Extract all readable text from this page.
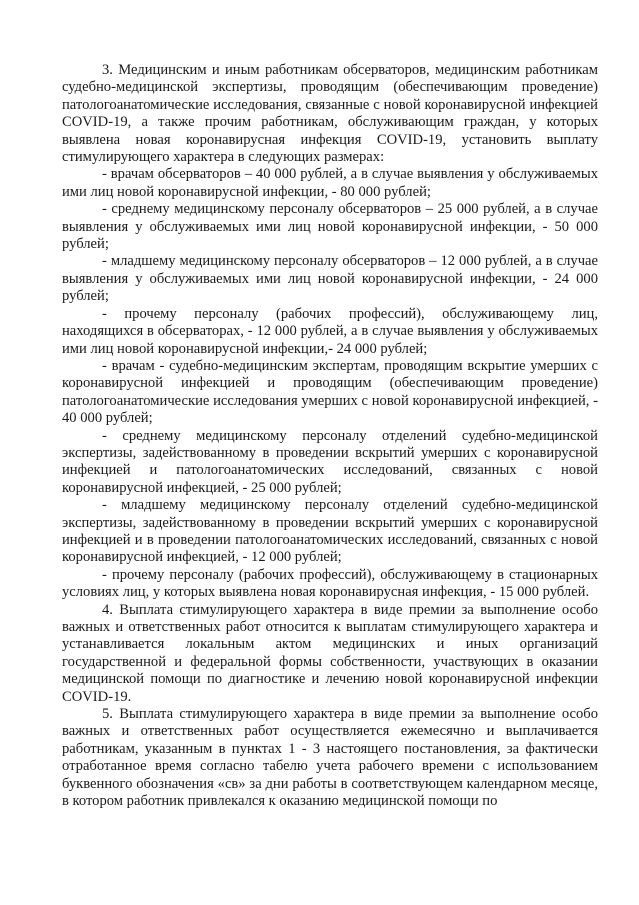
3. Медицинским и иным работникам обсерваторов, медицинским работникам судебно-медицинской экспертизы, проводящим (обеспечивающим проведение) патологоанатомические исследования, связанные с новой коронавирусной инфекцией COVID-19, а также прочим работникам, обслуживающим граждан, у которых выявлена новая коронавирусная инфекция COVID-19, установить выплату стимулирующего характера в следующих размерах:

- врачам обсерваторов – 40 000 рублей, а в случае выявления у обслуживаемых ими лиц новой коронавирусной инфекции, - 80 000 рублей;

- среднему медицинскому персоналу обсерваторов – 25 000 рублей, а в случае выявления у обслуживаемых ими лиц новой коронавирусной инфекции, - 50 000 рублей;

- младшему медицинскому персоналу обсерваторов – 12 000 рублей, а в случае выявления у обслуживаемых ими лиц новой коронавирусной инфекции, - 24 000 рублей;

- прочему персоналу (рабочих профессий), обслуживающему лиц, находящихся в обсерваторах, - 12 000 рублей, а в случае выявления у обслуживаемых ими лиц новой коронавирусной инфекции,- 24 000 рублей;

- врачам - судебно-медицинским экспертам, проводящим вскрытие умерших с коронавирусной инфекцией и проводящим (обеспечивающим проведение) патологоанатомические исследования умерших с новой коронавирусной инфекцией, - 40 000 рублей;

- среднему медицинскому персоналу отделений судебно-медицинской экспертизы, задействованному в проведении вскрытий умерших с коронавирусной инфекцией и патологоанатомических исследований, связанных с новой коронавирусной инфекцией, - 25 000 рублей;

- младшему медицинскому персоналу отделений судебно-медицинской экспертизы, задействованному в проведении вскрытий умерших с коронавирусной инфекцией и в проведении патологоанатомических исследований, связанных с новой коронавирусной инфекцией, - 12 000 рублей;

- прочему персоналу (рабочих профессий), обслуживающему в стационарных условиях лиц, у которых выявлена новая коронавирусная инфекция, - 15 000 рублей.

4. Выплата стимулирующего характера в виде премии за выполнение особо важных и ответственных работ относится к выплатам стимулирующего характера и устанавливается локальным актом медицинских и иных организаций государственной и федеральной формы собственности, участвующих в оказании медицинской помощи по диагностике и лечению новой коронавирусной инфекции COVID-19.

5. Выплата стимулирующего характера в виде премии за выполнение особо важных и ответственных работ осуществляется ежемесячно и выплачивается работникам, указанным в пунктах 1 - 3 настоящего постановления, за фактически отработанное время согласно табелю учета рабочего времени с использованием буквенного обозначения «св» за дни работы в соответствующем календарном месяце, в котором работник привлекался к оказанию медицинской помощи по
